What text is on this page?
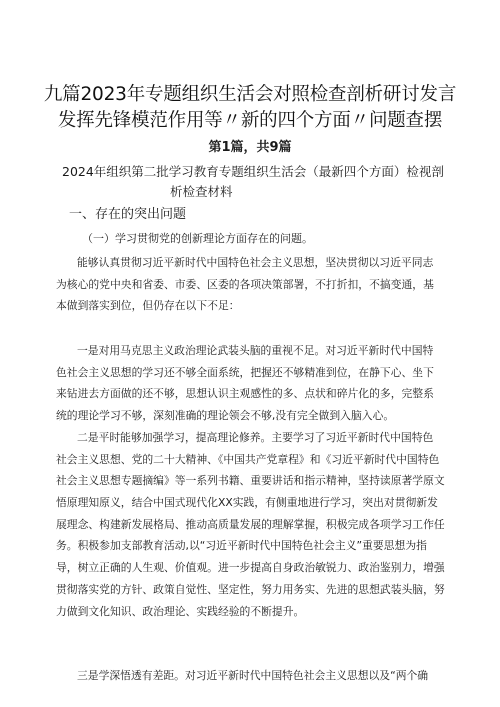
九篇2023年专题组织生活会对照检查剖析研讨发言
发挥先锋模范作用等〃新的四个方面〃问题查摆
第1篇，共9篇
2024年组织第二批学习教育专题组织生活会（最新四个方面）检视剖
析检查材料
一、存在的突出问题
（一）学习贯彻党的创新理论方面存在的问题。
能够认真贯彻习近平新时代中国特色社会主义思想，坚决贯彻以习近平同志
为核心的党中央和省委、市委、区委的各项决策部署，不打折扣，不搞变通，基
本做到落实到位，但仍存在以下不足：
一是对用马克思主义政治理论武装头脑的重视不足。对习近平新时代中国特
色社会主义思想的学习还不够全面系统，把握还不够精准到位，在静下心、坐下
来钻进去方面做的还不够，思想认识主观感性的多、点状和碎片化的多，完整系
统的理论学习不够，深刻准确的理论领会不够,没有完全做到入脑入心。
二是平时能够加强学习，提高理论修养。主要学习了习近平新时代中国特色
社会主义思想、党的二十大精神、《中国共产党章程》和《习近平新时代中国特色
社会主义思想专题摘编》等一系列书籍、重要讲话和指示精神，坚持读原著学原文
悟原理知原义，结合中国式现代化XX实践，有侧重地进行学习，突出对贯彻新发
展理念、构建新发展格局、推动高质量发展的理解掌握，积极完成各项学习工作任
务。积极参加支部教育活动,以“习近平新时代中国特色社会主义”重要思想为指
导，树立正确的人生观、价值观。进一步提高自身政治敏锐力、政治鉴别力，增强
贯彻落实党的方针、政策自觉性、坚定性，努力用务实、先进的思想武装头脑，努
力做到文化知识、政治理论、实践经验的不断提升。
三是学深悟透有差距。对习近平新时代中国特色社会主义思想以及“两个确
